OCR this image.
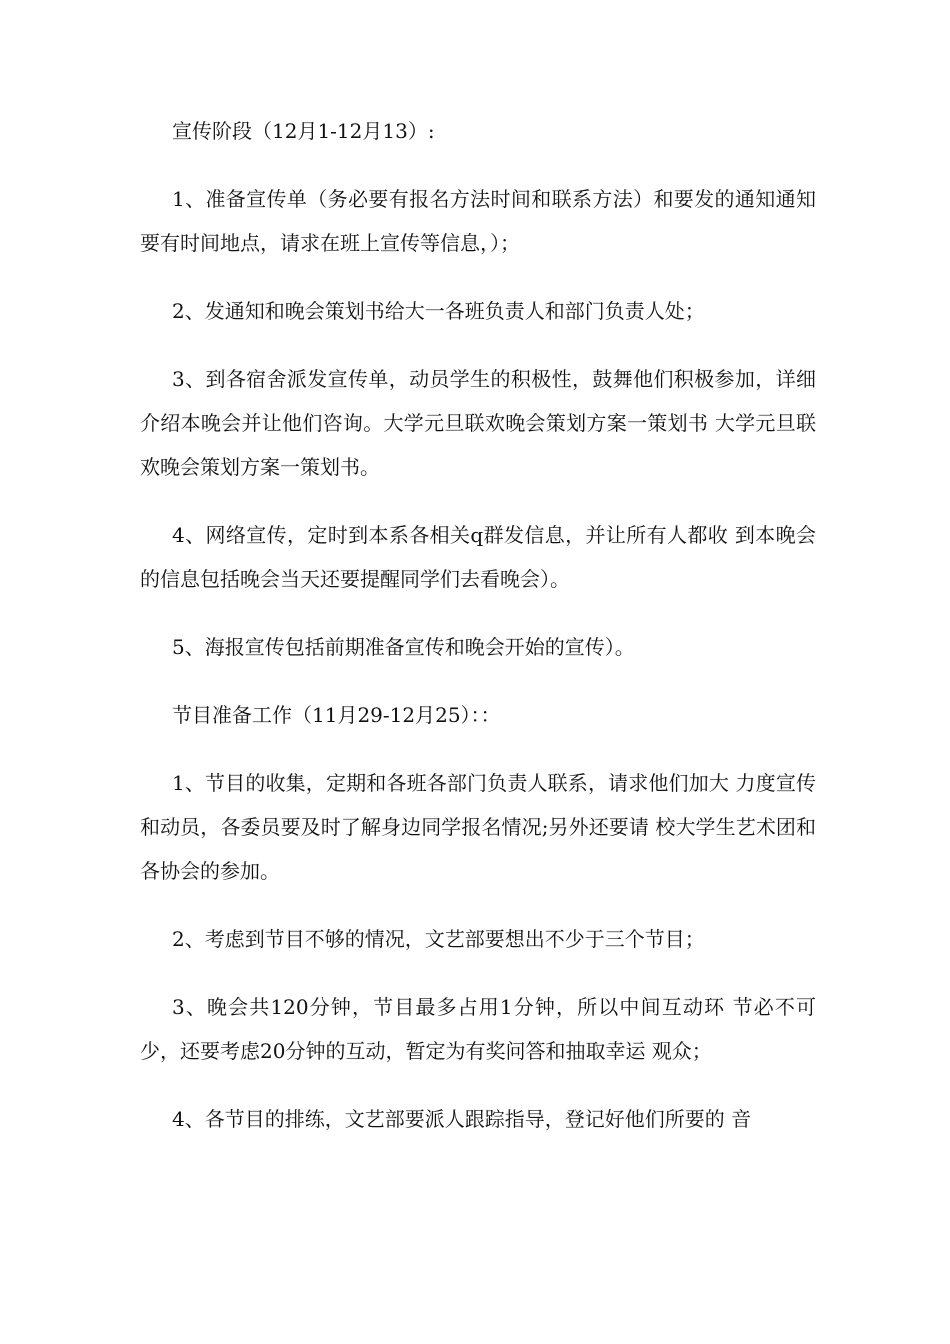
宣传阶段（12月1-12月13）:

1、准备宣传单（务必要有报名方法时间和联系方法）和要发的通知通知要有时间地点，请求在班上宣传等信息，）；

2、发通知和晚会策划书给大一各班负责人和部门负责人处；

3、到各宿舍派发宣传单，动员学生的积极性，鼓舞他们积极参加，详细介绍本晚会并让他们咨询。大学元旦联欢晚会策划方案一策划书 大学元旦联欢晚会策划方案一策划书。

4、网络宣传，定时到本系各相关q群发信息，并让所有人都收 到本晚会的信息包括晚会当天还要提醒同学们去看晚会）。

5、海报宣传包括前期准备宣传和晚会开始的宣传）。

节目准备工作（11月29-12月25）：：

1、节目的收集，定期和各班各部门负责人联系，请求他们加大 力度宣传和动员，各委员要及时了解身边同学报名情况;另外还要请 校大学生艺术团和各协会的参加。

2、考虑到节目不够的情况，文艺部要想出不少于三个节目；

3、晚会共120分钟，节目最多占用1分钟，所以中间互动环 节必不可少，还要考虑20分钟的互动，暂定为有奖问答和抽取幸运 观众；

4、各节目的排练，文艺部要派人跟踪指导，登记好他们所要的 音
